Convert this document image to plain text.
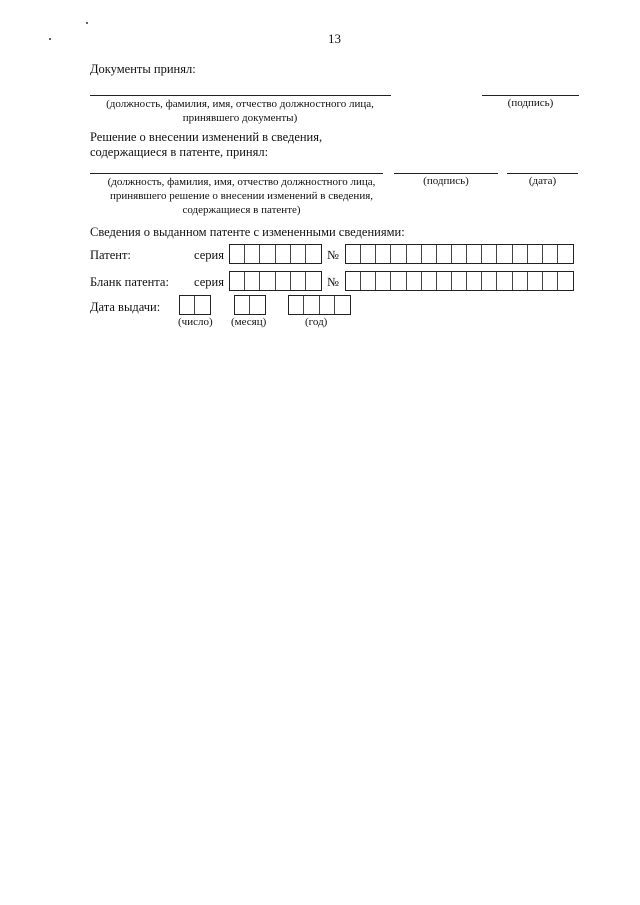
13
Документы принял:
(должность, фамилия, имя, отчество должностного лица, принявшего документы)
(подпись)
Решение о внесении изменений в сведения,
содержащиеся в патенте, принял:
(должность, фамилия, имя, отчество должностного лица, принявшего решение о внесении изменений в сведения, содержащиеся в патенте)
(подпись)	(дата)
Сведения о выданном патенте с измененными сведениями:
Патент:	серия	№
Бланк патента: серия	№
Дата выдачи:
(число) (месяц)	(год)
